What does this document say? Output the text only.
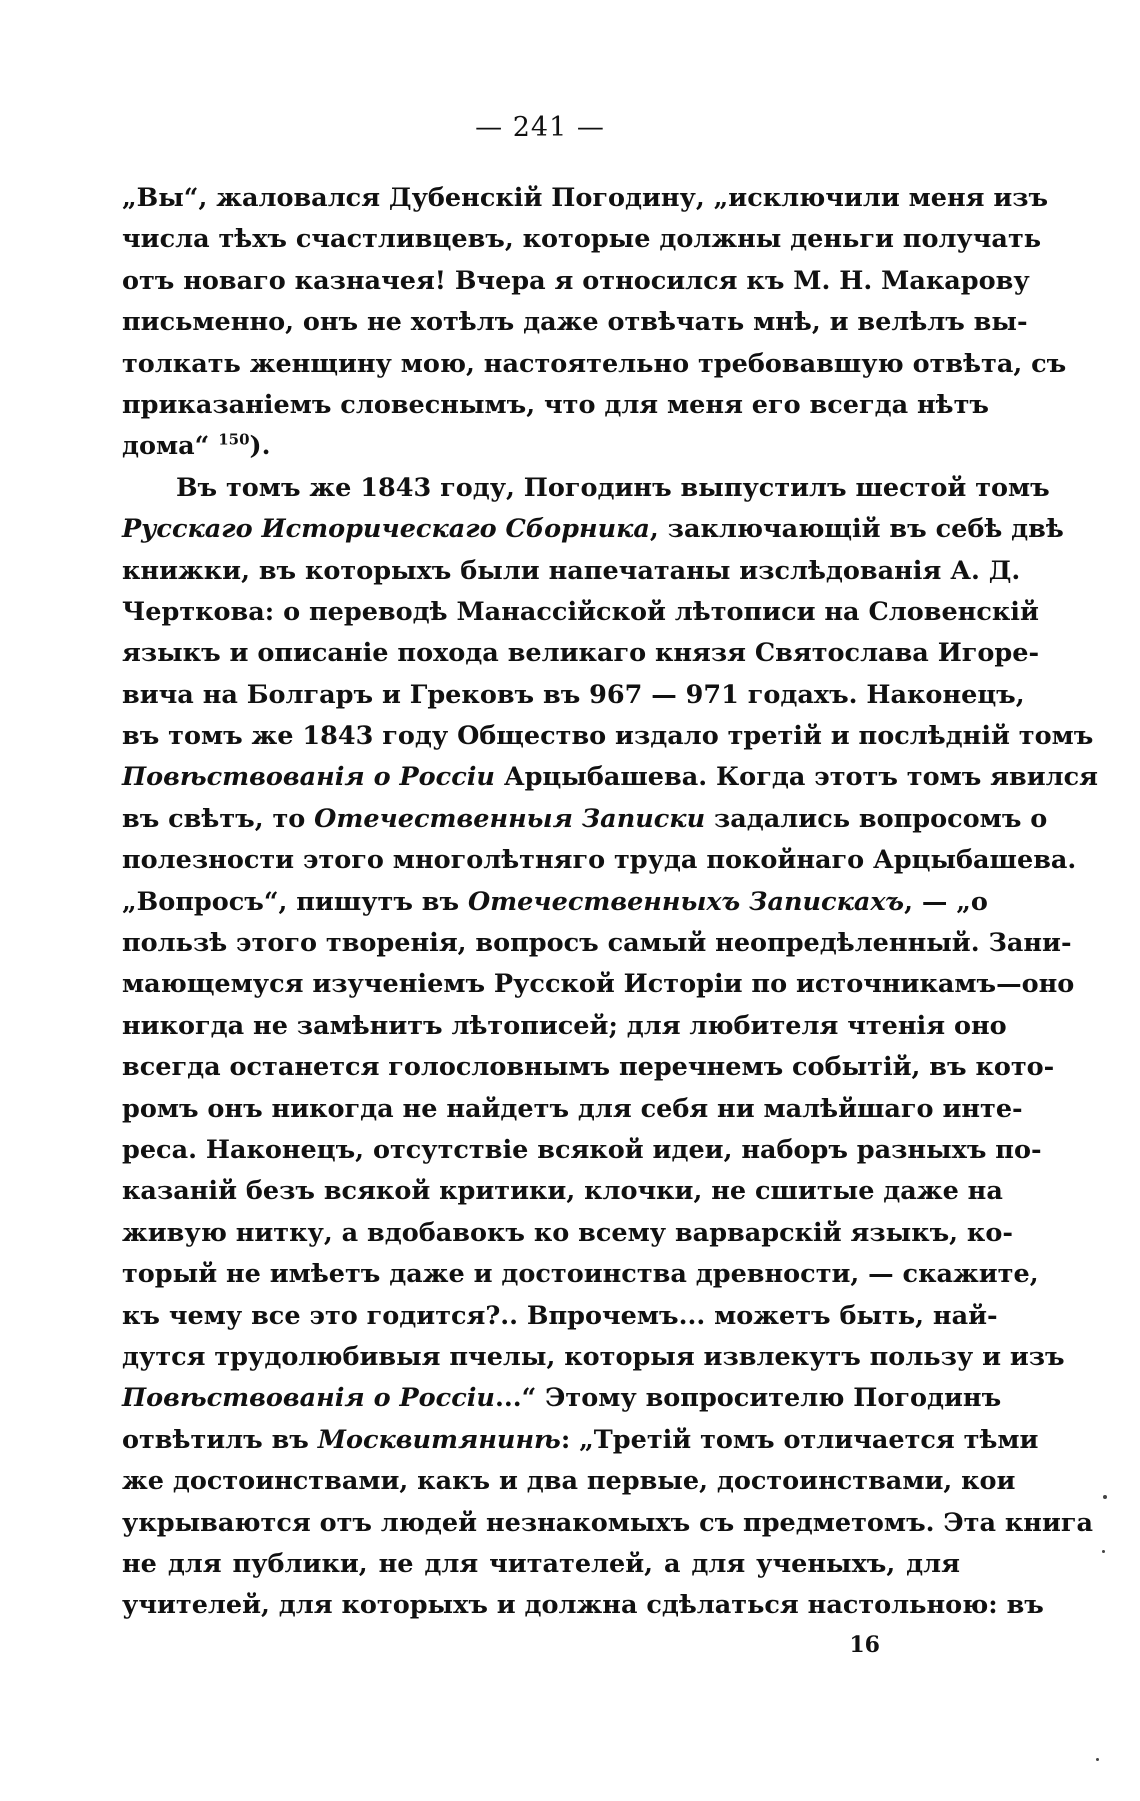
— 241 —
„Вы“, жаловался Дубенскій Погодину, „исключили меня изъ
числа тѣхъ счастливцевъ, которые должны деньги получать
отъ новаго казначея! Вчера я относился къ М. Н. Макарову
письменно, онъ не хотѣлъ даже отвѣчать мнѣ, и велѣлъ вы-
толкать женщину мою, настоятельно требовавшую отвѣта, съ
приказаніемъ словеснымъ, что для меня его всегда нѣтъ
дома“ $^{150}$).
Въ томъ же 1843 году, Погодинъ выпустилъ шестой томъ
Русскаго Историческаго Сборника, заключающій въ себѣ двѣ
книжки, въ которыхъ были напечатаны изслѣдованія А. Д.
Черткова: о переводѣ Манассійской лѣтописи на Словенскій
языкъ и описаніе похода великаго князя Святослава Игоре-
вича на Болгаръ и Грековъ въ 967 — 971 годахъ. Наконецъ,
въ томъ же 1843 году Общество издало третій и послѣдній томъ
Повѣствованія о Россіи Арцыбашева. Когда этотъ томъ явился
въ свѣтъ, то Отечественныя Записки задались вопросомъ о
полезности этого многолѣтняго труда покойнаго Арцыбашева.
„Вопросъ“, пишутъ въ Отечественныхъ Запискахъ, — „о
пользѣ этого творенія, вопросъ самый неопредѣленный. Зани-
мающемуся изученіемъ Русской Исторіи по источникамъ—оно
никогда не замѣнитъ лѣтописей; для любителя чтенія оно
всегда останется голословнымъ перечнемъ событій, въ кото-
ромъ онъ никогда не найдетъ для себя ни малѣйшаго инте-
реса. Наконецъ, отсутствіе всякой идеи, наборъ разныхъ по-
казаній безъ всякой критики, клочки, не сшитые даже на
живую нитку, а вдобавокъ ко всему варварскій языкъ, ко-
торый не имѣетъ даже и достоинства древности, — скажите,
къ чему все это годится?.. Впрочемъ... можетъ быть, най-
дутся трудолюбивыя пчелы, которыя извлекутъ пользу и изъ
Повѣствованія о Россіи...“ Этому вопросителю Погодинъ
отвѣтилъ въ Москвитянинѣ: „Третій томъ отличается тѣми
же достоинствами, какъ и два первые, достоинствами, кои
укрываются отъ людей незнакомыхъ съ предметомъ. Эта книга
не для публики, не для читателей, а для ученыхъ, для
учителей, для которыхъ и должна сдѣлаться настольною: въ
16
